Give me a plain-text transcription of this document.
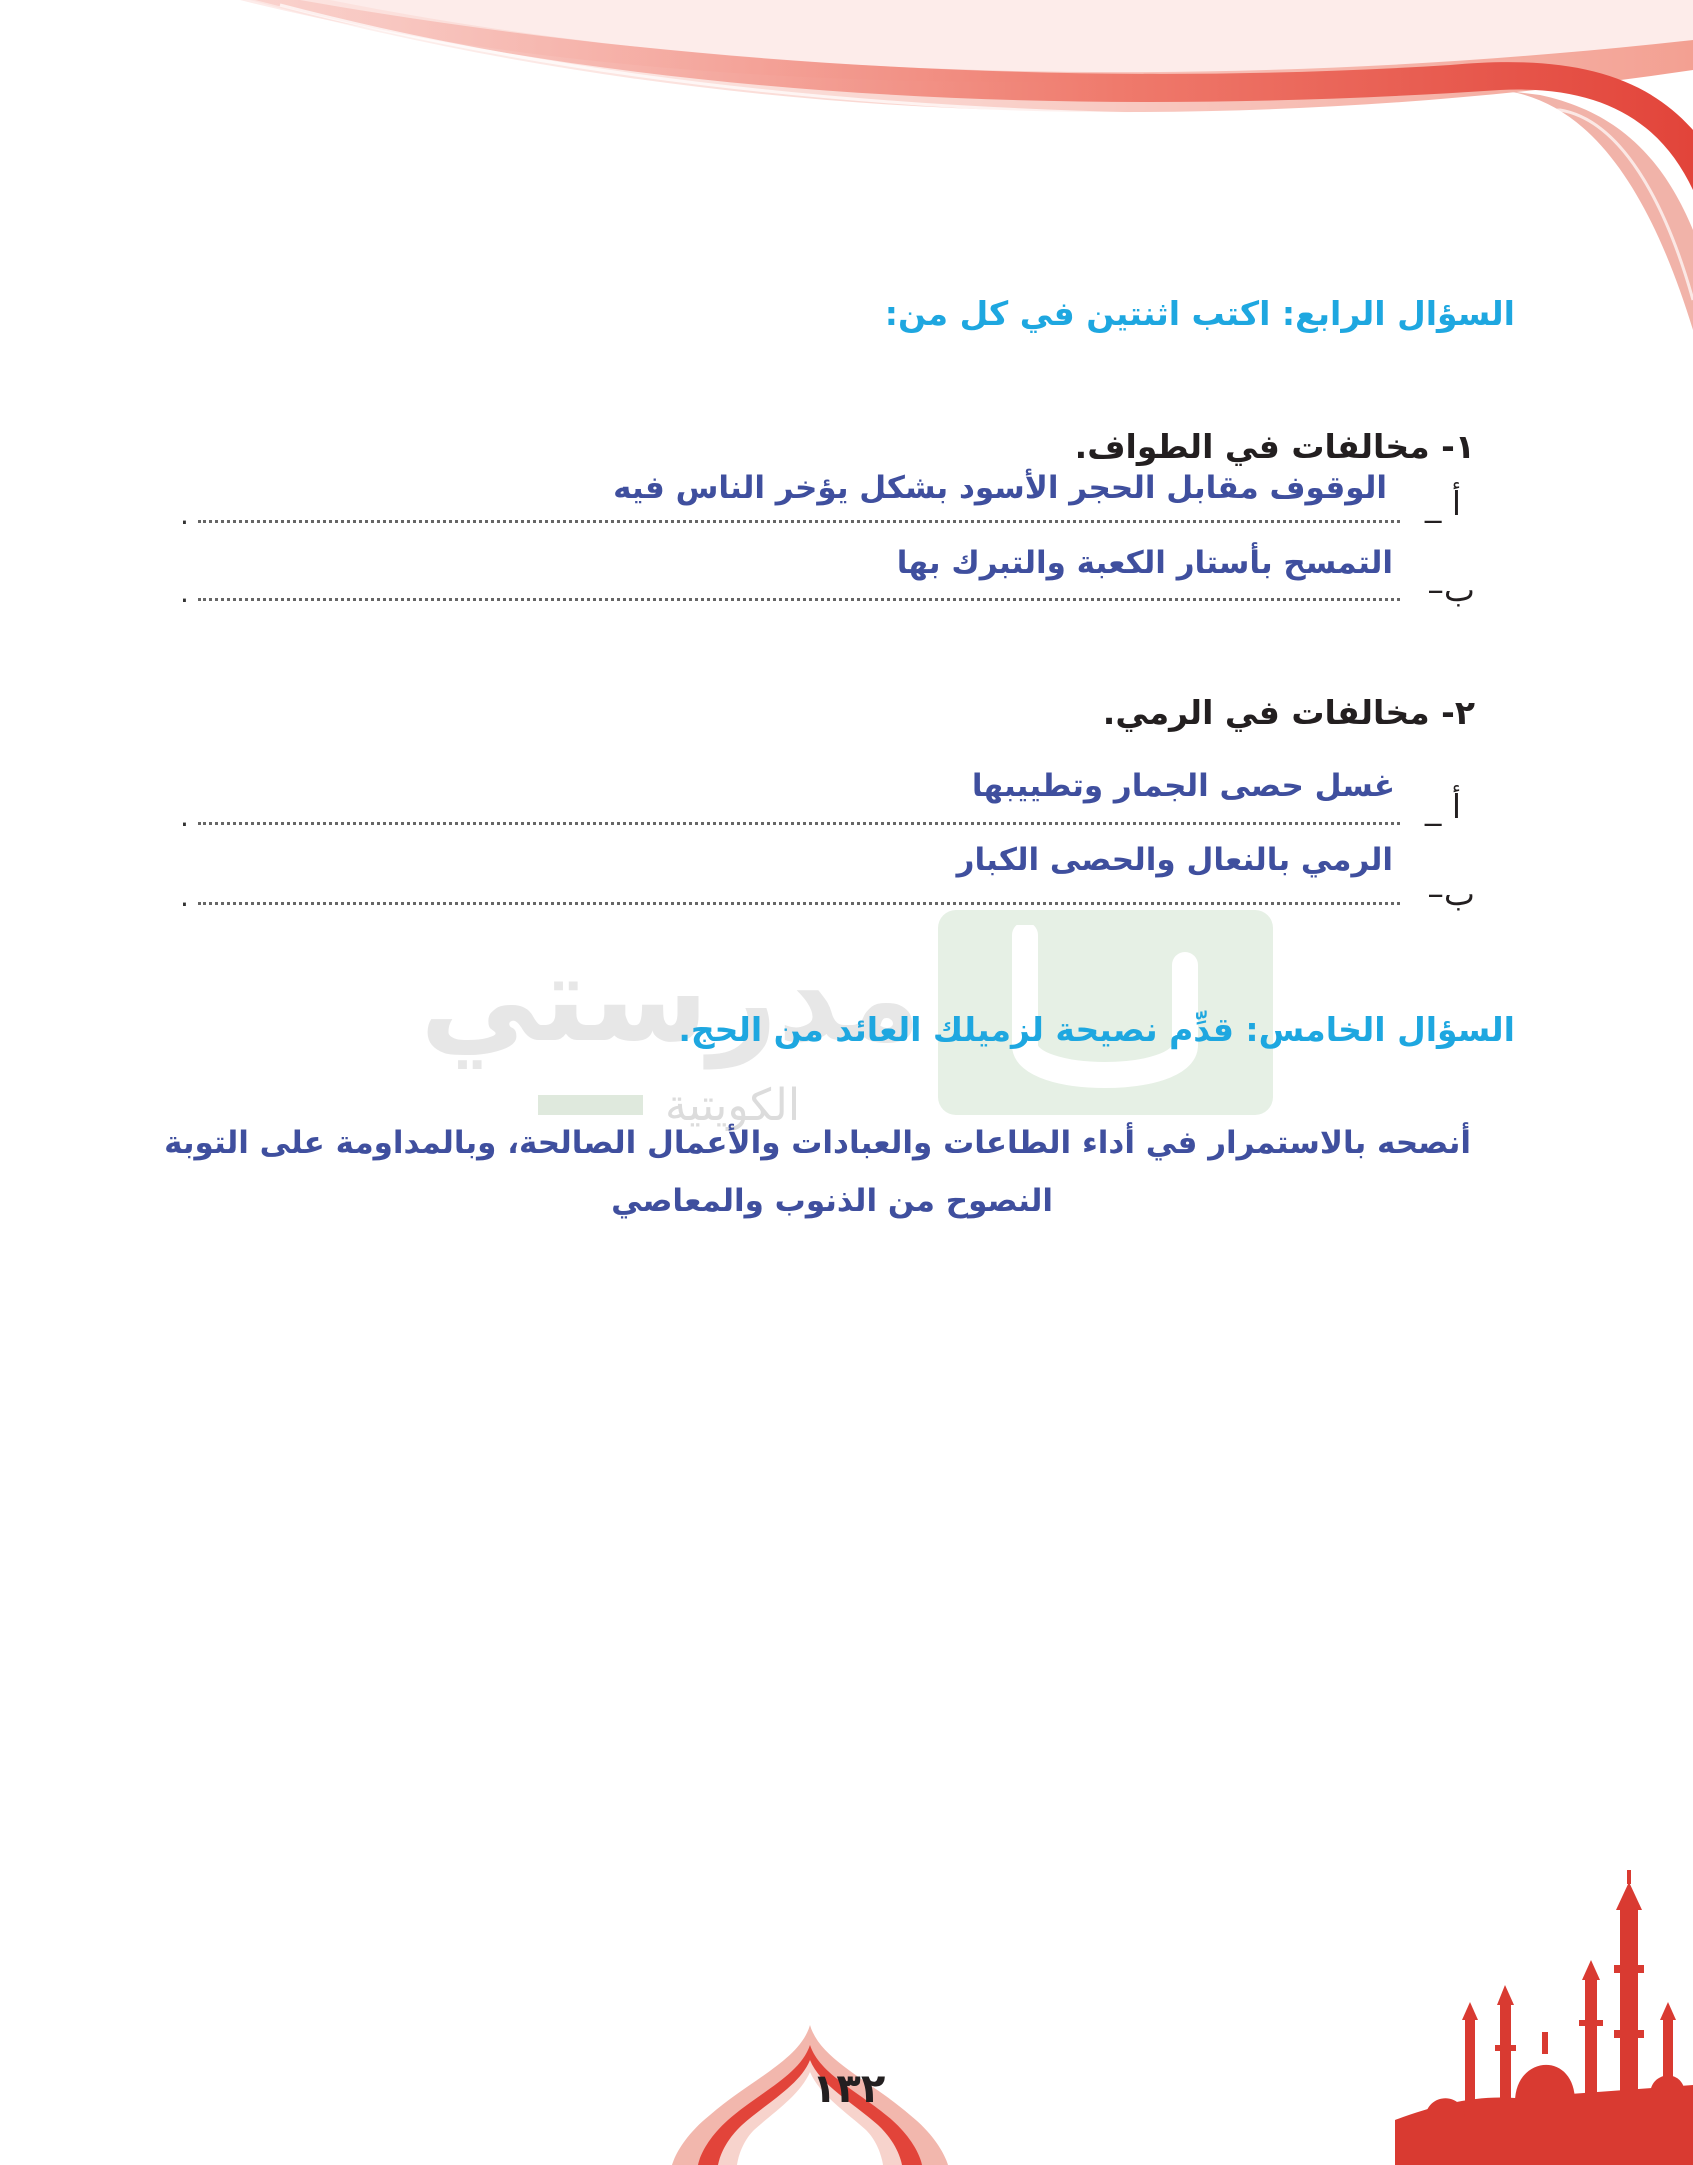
مدرستي
الكويتية
السؤال الرابع: اكتب اثنتين في كل من:
١- مخالفات في الطواف.
أ _
الوقوف مقابل الحجر الأسود بشكل يؤخر الناس فيه
.
ب–
التمسح بأستار الكعبة والتبرك بها
.
٢- مخالفات في الرمي.
أ _
غسل حصى الجمار وتطييبها
.
ب–
الرمي بالنعال والحصى الكبار
.
السؤال الخامس: قدِّم نصيحة لزميلك العائد من الحج.
أنصحه بالاستمرار في أداء الطاعات والعبادات والأعمال الصالحة، وبالمداومة على التوبة
النصوح من الذنوب والمعاصي
١٣٢
